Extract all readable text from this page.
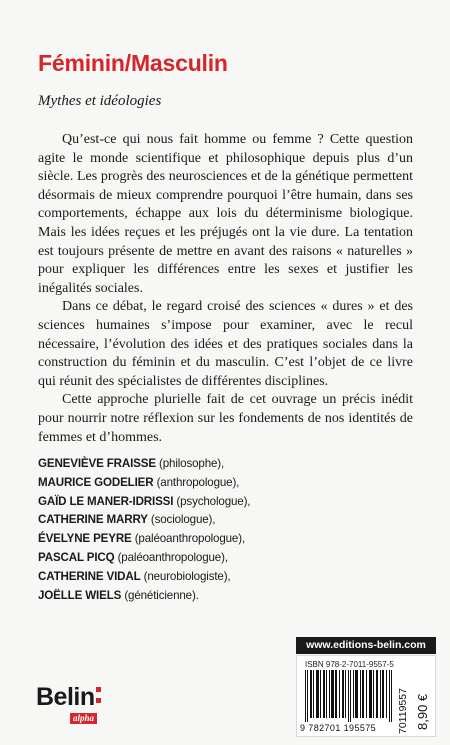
Féminin/Masculin
Mythes et idéologies

Qu’est-ce qui nous fait homme ou femme ? Cette question agite le monde scientifique et philosophique depuis plus d’un siècle. Les progrès des neurosciences et de la génétique permettent désormais de mieux comprendre pourquoi l’être humain, dans ses comportements, échappe aux lois du déterminisme biologique. Mais les idées reçues et les préjugés ont la vie dure. La tentation est toujours présente de mettre en avant des raisons « naturelles » pour expliquer les différences entre les sexes et justifier les inégalités sociales.

Dans ce débat, le regard croisé des sciences « dures » et des sciences humaines s’impose pour examiner, avec le recul nécessaire, l’évolution des idées et des pratiques sociales dans la construction du féminin et du masculin. C’est l’objet de ce livre qui réunit des spécialistes de différentes disciplines.

Cette approche plurielle fait de cet ouvrage un précis inédit pour nourrir notre réflexion sur les fondements de nos identités de femmes et d’hommes.

GENEVIÈVE FRAISSE (philosophe),
MAURICE GODELIER (anthropologue),
GAÏD LE MANER-IDRISSI (psychologue),
CATHERINE MARRY (sociologue),
ÉVELYNE PEYRE (paléoanthropologue),
PASCAL PICQ (paléoanthropologue),
CATHERINE VIDAL (neurobiologiste),
JOËLLE WIELS (généticienne).
Belin
alpha
www.editions-belin.com
ISBN 978-2-7011-9557-5
9 782701 195575 70119557 8,90 €
